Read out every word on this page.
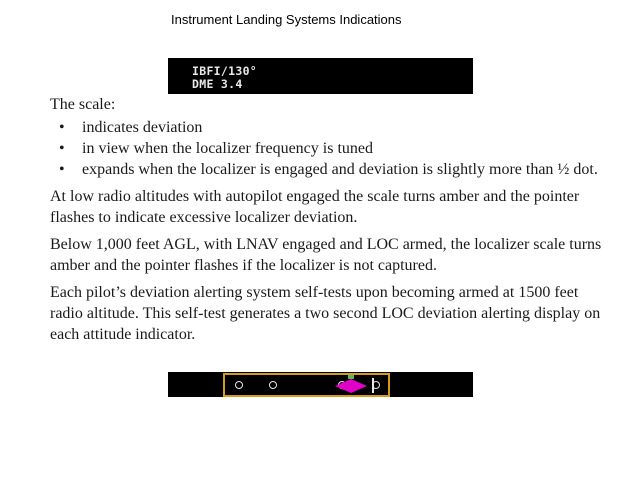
Instrument Landing Systems Indications
IBFI/130°
DME 3.4

The scale:

• indicates deviation
• in view when the localizer frequency is tuned
• expands when the localizer is engaged and deviation is slightly more than ½ dot.

At low radio altitudes with autopilot engaged the scale turns amber and the pointer flashes to indicate excessive localizer deviation.

Below 1,000 feet AGL, with LNAV engaged and LOC armed, the localizer scale turns amber and the pointer flashes if the localizer is not captured.

Each pilot’s deviation alerting system self-tests upon becoming armed at 1500 feet radio altitude. This self-test generates a two second LOC deviation alerting display on each attitude indicator.
